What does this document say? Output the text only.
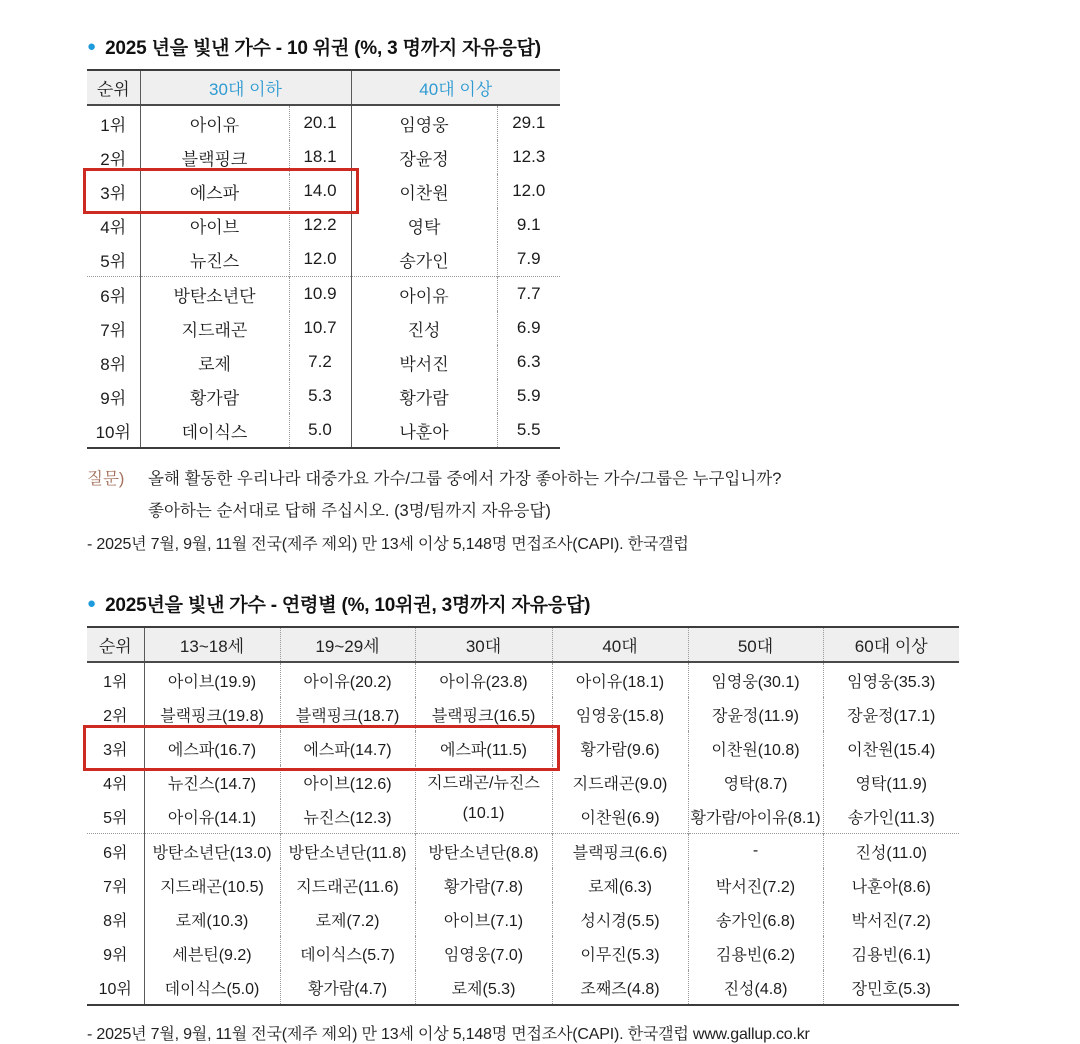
● 2025 년을 빛낸 가수 - 10 위권 (%, 3 명까지 자유응답)
순위	30대 이하		40대 이상	
1위	아이유	20.1	임영웅	29.1
2위	블랙핑크	18.1	장윤정	12.3
3위	에스파	14.0	이찬원	12.0
4위	아이브	12.2	영탁	9.1
5위	뉴진스	12.0	송가인	7.9
6위	방탄소년단	10.9	아이유	7.7
7위	지드래곤	10.7	진성	6.9
8위	로제	7.2	박서진	6.3
9위	황가람	5.3	황가람	5.9
10위	데이식스	5.0	나훈아	5.5
질문)	올해 활동한 우리나라 대중가요 가수/그룹 중에서 가장 좋아하는 가수/그룹은 누구입니까?
좋아하는 순서대로 답해 주십시오. (3명/팀까지 자유응답)
- 2025년 7월, 9월, 11월 전국(제주 제외) 만 13세 이상 5,148명 면접조사(CAPI). 한국갤럽
● 2025년을 빛낸 가수 - 연령별 (%, 10위권, 3명까지 자유응답)
순위	13~18세	19~29세	30대	40대	50대	60대 이상
1위	아이브(19.9)	아이유(20.2)	아이유(23.8)	아이유(18.1)	임영웅(30.1)	임영웅(35.3)
2위	블랙핑크(19.8)	블랙핑크(18.7)	블랙핑크(16.5)	임영웅(15.8)	장윤정(11.9)	장윤정(17.1)
3위	에스파(16.7)	에스파(14.7)	에스파(11.5)	황가람(9.6)	이찬원(10.8)	이찬원(15.4)
4위	뉴진스(14.7)	아이브(12.6)	지드래곤/뉴진스
(10.1)	지드래곤(9.0)	영탁(8.7)	영탁(11.9)
5위	아이유(14.1)	뉴진스(12.3)		이찬원(6.9)	황가람/아이유(8.1)	송가인(11.3)
6위	방탄소년단(13.0)	방탄소년단(11.8)	방탄소년단(8.8)	블랙핑크(6.6)	-	진성(11.0)
7위	지드래곤(10.5)	지드래곤(11.6)	황가람(7.8)	로제(6.3)	박서진(7.2)	나훈아(8.6)
8위	로제(10.3)	로제(7.2)	아이브(7.1)	성시경(5.5)	송가인(6.8)	박서진(7.2)
9위	세븐틴(9.2)	데이식스(5.7)	임영웅(7.0)	이무진(5.3)	김용빈(6.2)	김용빈(6.1)
10위	데이식스(5.0)	황가람(4.7)	로제(5.3)	조째즈(4.8)	진성(4.8)	장민호(5.3)
- 2025년 7월, 9월, 11월 전국(제주 제외) 만 13세 이상 5,148명 면접조사(CAPI). 한국갤럽 www.gallup.co.kr
